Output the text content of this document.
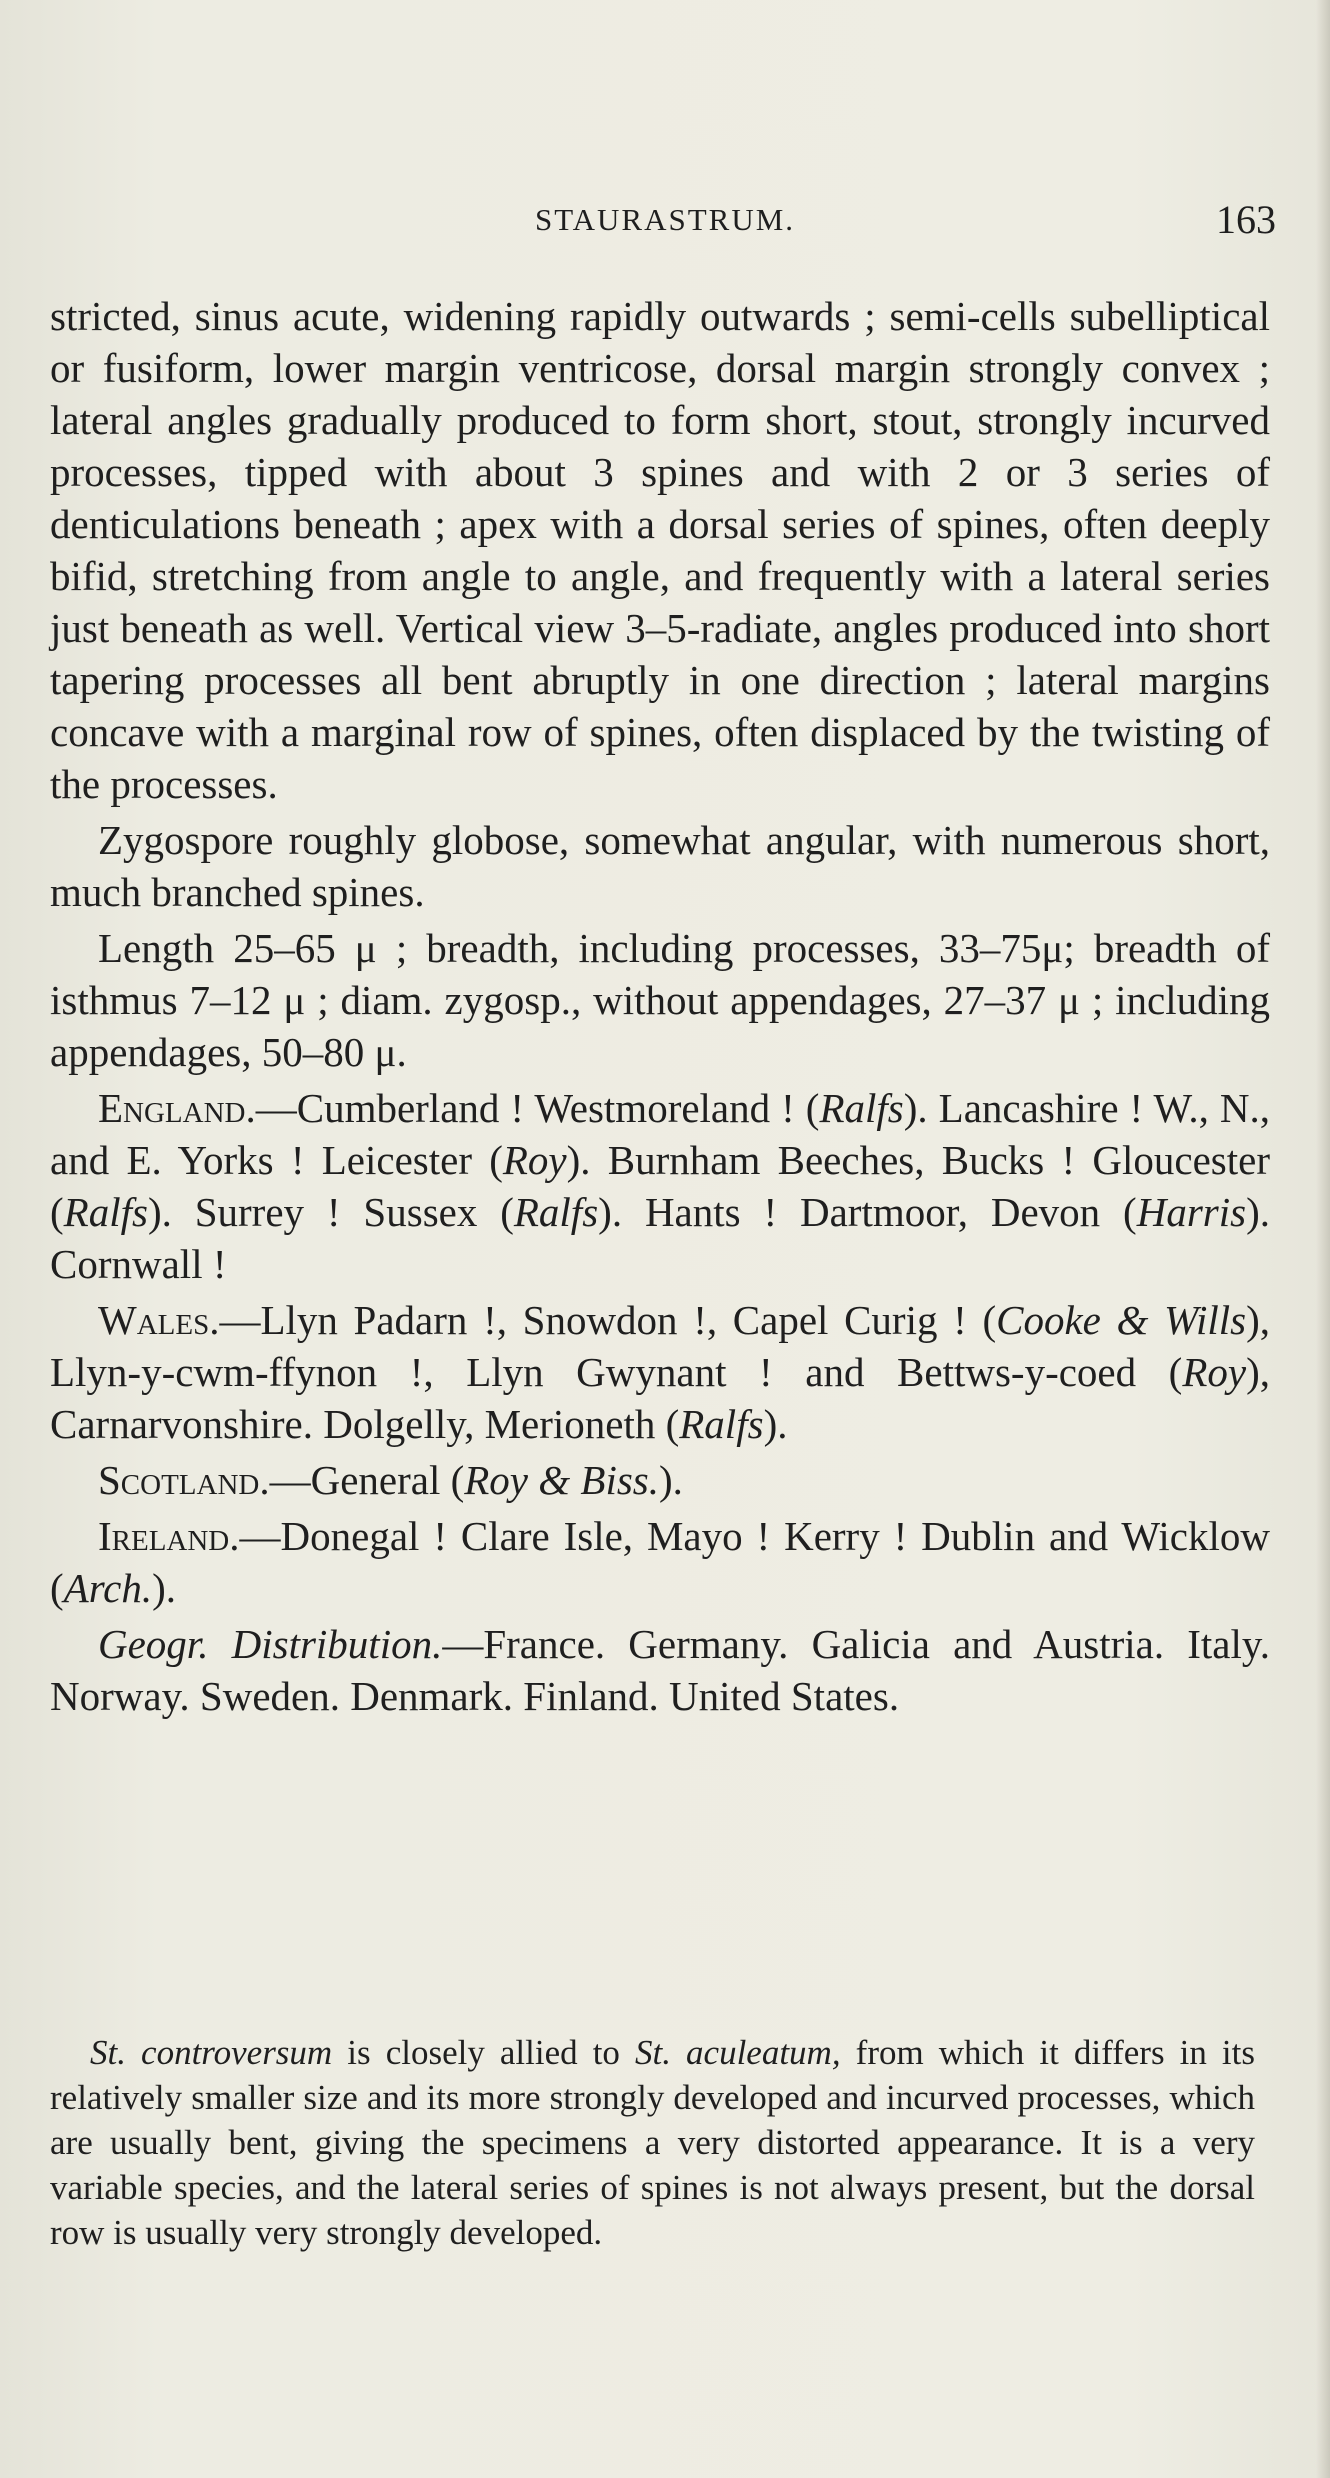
STAURASTRUM.	163

stricted, sinus acute, widening rapidly outwards ; semi-cells subelliptical or fusiform, lower margin ventricose, dorsal margin strongly convex ; lateral angles gradually produced to form short, stout, strongly incurved processes, tipped with about 3 spines and with 2 or 3 series of denticulations beneath ; apex with a dorsal series of spines, often deeply bifid, stretching from angle to angle, and frequently with a lateral series just beneath as well. Vertical view 3–5-radiate, angles produced into short tapering processes all bent abruptly in one direction ; lateral margins concave with a marginal row of spines, often displaced by the twisting of the processes.

Zygospore roughly globose, somewhat angular, with numerous short, much branched spines.

Length 25–65 μ ; breadth, including processes, 33–75μ; breadth of isthmus 7–12 μ ; diam. zygosp., without appendages, 27–37 μ ; including appendages, 50–80 μ.

England.—Cumberland ! Westmoreland ! (Ralfs). Lancashire ! W., N., and E. Yorks ! Leicester (Roy). Burnham Beeches, Bucks ! Gloucester (Ralfs). Surrey ! Sussex (Ralfs). Hants ! Dartmoor, Devon (Harris). Cornwall !

Wales.—Llyn Padarn !, Snowdon !, Capel Curig ! (Cooke & Wills), Llyn-y-cwm-ffynon !, Llyn Gwynant ! and Bettws-y-coed (Roy), Carnarvonshire. Dolgelly, Merioneth (Ralfs).

Scotland.—General (Roy & Biss.).

Ireland.—Donegal ! Clare Isle, Mayo ! Kerry ! Dublin and Wicklow (Arch.).

Geogr. Distribution.—France. Germany. Galicia and Austria. Italy. Norway. Sweden. Denmark. Finland. United States.

St. controversum is closely allied to St. aculeatum, from which it differs in its relatively smaller size and its more strongly developed and incurved processes, which are usually bent, giving the specimens a very distorted appearance. It is a very variable species, and the lateral series of spines is not always present, but the dorsal row is usually very strongly developed.
